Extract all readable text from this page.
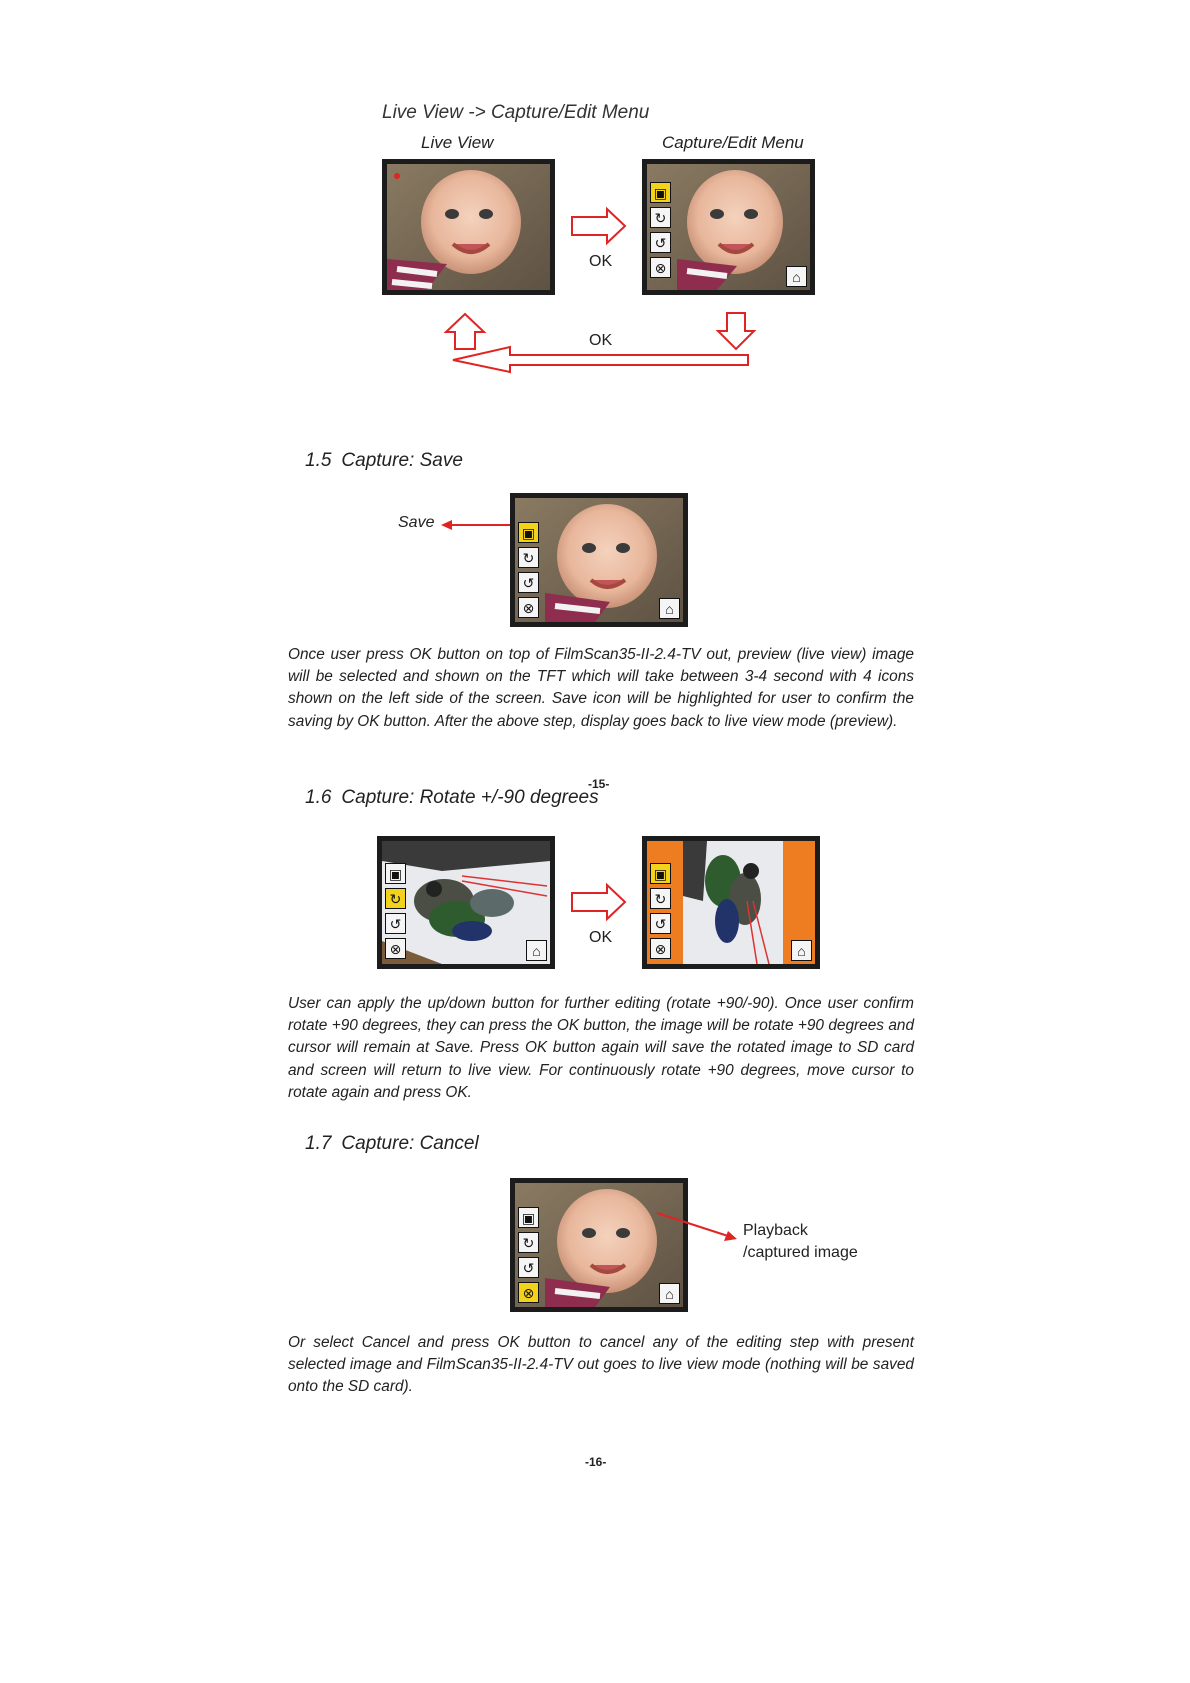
Live View -> Capture/Edit Menu
Live View	Capture/Edit Menu
▣
↻
↺
⊗
⌂
OK
OK
1.5 Capture: Save
Save
▣
↻
↺
⊗	⌂
Once user press OK button on top of FilmScan35-II-2.4-TV out, preview (live view) image will be selected and shown on the TFT which will take between 3-4 second with 4 icons shown on the left side of the screen. Save icon will be highlighted for user to confirm the saving by OK button. After the above step, display goes back to live view mode (preview).
-15-
1.6 Capture: Rotate +/-90 degrees
▣
↻
↺
⊗	⌂
▣
↻
↺
⊗	⌂
OK
User can apply the up/down button for further editing (rotate +90/-90). Once user confirm rotate +90 degrees, they can press the OK button, the image will be rotate +90 degrees and cursor will remain at Save. Press OK button again will save the rotated image to SD card and screen will return to live view. For continuously rotate +90 degrees, move cursor to rotate again and press OK.
1.7 Capture: Cancel
▣
↻
↺
⊗	⌂
Playback
/captured image
Or select Cancel and press OK button to cancel any of the editing step with present selected image and FilmScan35-II-2.4-TV out goes to live view mode (nothing will be saved onto the SD card).
-16-
